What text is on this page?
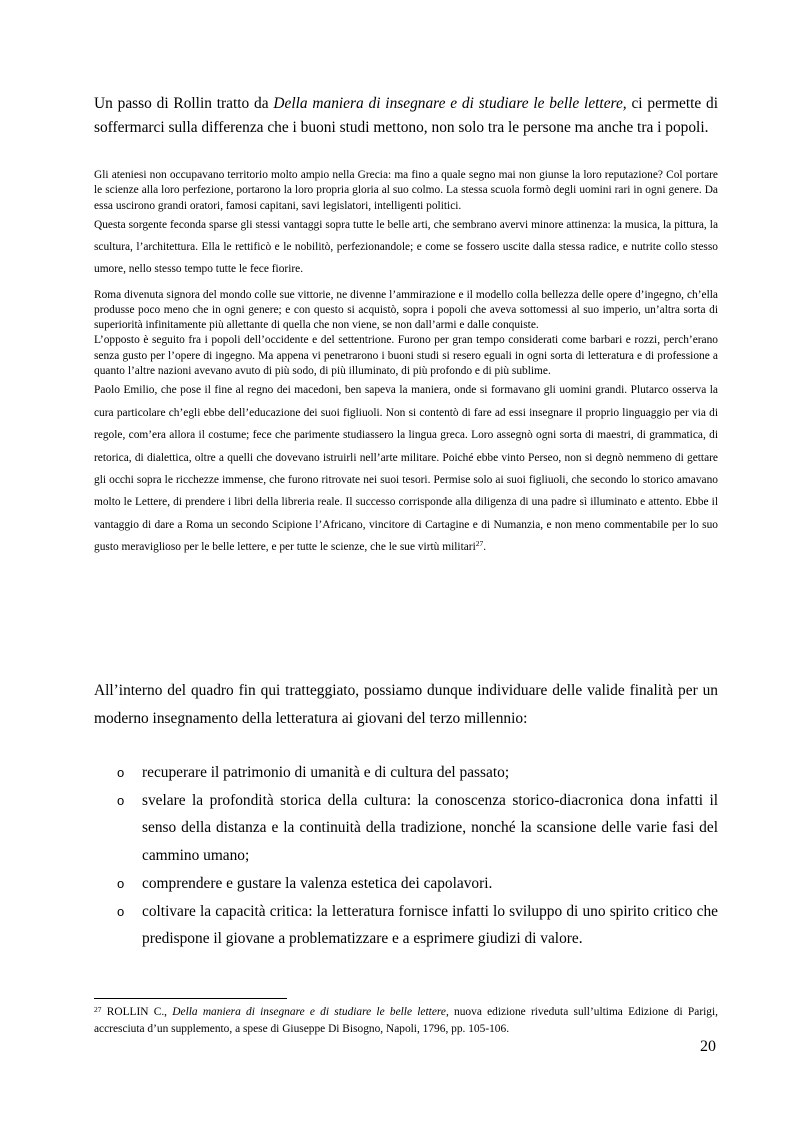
Un passo di Rollin tratto da Della maniera di insegnare e di studiare le belle lettere, ci permette di soffermarci sulla differenza che i buoni studi mettono, non solo tra le persone ma anche tra i popoli.

Gli ateniesi non occupavano territorio molto ampio nella Grecia: ma fino a quale segno mai non giunse la loro reputazione? Col portare le scienze alla loro perfezione, portarono la loro propria gloria al suo colmo. La stessa scuola formò degli uomini rari in ogni genere. Da essa uscirono grandi oratori, famosi capitani, savi legislatori, intelligenti politici.

Questa sorgente feconda sparse gli stessi vantaggi sopra tutte le belle arti, che sembrano avervi minore attinenza: la musica, la pittura, la scultura, l’architettura. Ella le rettificò e le nobilitò, perfezionandole; e come se fossero uscite dalla stessa radice, e nutrite collo stesso umore, nello stesso tempo tutte le fece fiorire.

Roma divenuta signora del mondo colle sue vittorie, ne divenne l’ammirazione e il modello colla bellezza delle opere d’ingegno, ch’ella produsse poco meno che in ogni genere; e con questo si acquistò, sopra i popoli che aveva sottomessi al suo imperio, un’altra sorta di superiorità infinitamente più allettante di quella che non viene, se non dall’armi e dalle conquiste.

L’opposto è seguito fra i popoli dell’occidente e del settentrione. Furono per gran tempo considerati come barbari e rozzi, perch’erano senza gusto per l’opere di ingegno. Ma appena vi penetrarono i buoni studi si resero eguali in ogni sorta di letteratura e di professione a quanto l’altre nazioni avevano avuto di più sodo, di più illuminato, di più profondo e di più sublime.

Paolo Emilio, che pose il fine al regno dei macedoni, ben sapeva la maniera, onde si formavano gli uomini grandi. Plutarco osserva la cura particolare ch’egli ebbe dell’educazione dei suoi figliuoli. Non si contentò di fare ad essi insegnare il proprio linguaggio per via di regole, com’era allora il costume; fece che parimente studiassero la lingua greca. Loro assegnò ogni sorta di maestri, di grammatica, di retorica, di dialettica, oltre a quelli che dovevano istruirli nell’arte militare. Poiché ebbe vinto Perseo, non si degnò nemmeno di gettare gli occhi sopra le ricchezze immense, che furono ritrovate nei suoi tesori. Permise solo ai suoi figliuoli, che secondo lo storico amavano molto le Lettere, di prendere i libri della libreria reale. Il successo corrisponde alla diligenza di una padre sì illuminato e attento. Ebbe il vantaggio di dare a Roma un secondo Scipione l’Africano, vincitore di Cartagine e di Numanzia, e non meno commentabile per lo suo gusto meraviglioso per le belle lettere, e per tutte le scienze, che le sue virtù militari$^{27}$.

All’interno del quadro fin qui tratteggiato, possiamo dunque individuare delle valide finalità per un moderno insegnamento della letteratura ai giovani del terzo millennio:

o recuperare il patrimonio di umanità e di cultura del passato;
o svelare la profondità storica della cultura: la conoscenza storico-diacronica dona infatti il senso della distanza e la continuità della tradizione, nonché la scansione delle varie fasi del cammino umano;
o comprendere e gustare la valenza estetica dei capolavori.
o coltivare la capacità critica: la letteratura fornisce infatti lo sviluppo di uno spirito critico che predispone il giovane a problematizzare e a esprimere giudizi di valore.

$^{27}$ ROLLIN C., Della maniera di insegnare e di studiare le belle lettere, nuova edizione riveduta sull’ultima Edizione di Parigi, accresciuta d’un supplemento, a spese di Giuseppe Di Bisogno, Napoli, 1796, pp. 105-106.

20
